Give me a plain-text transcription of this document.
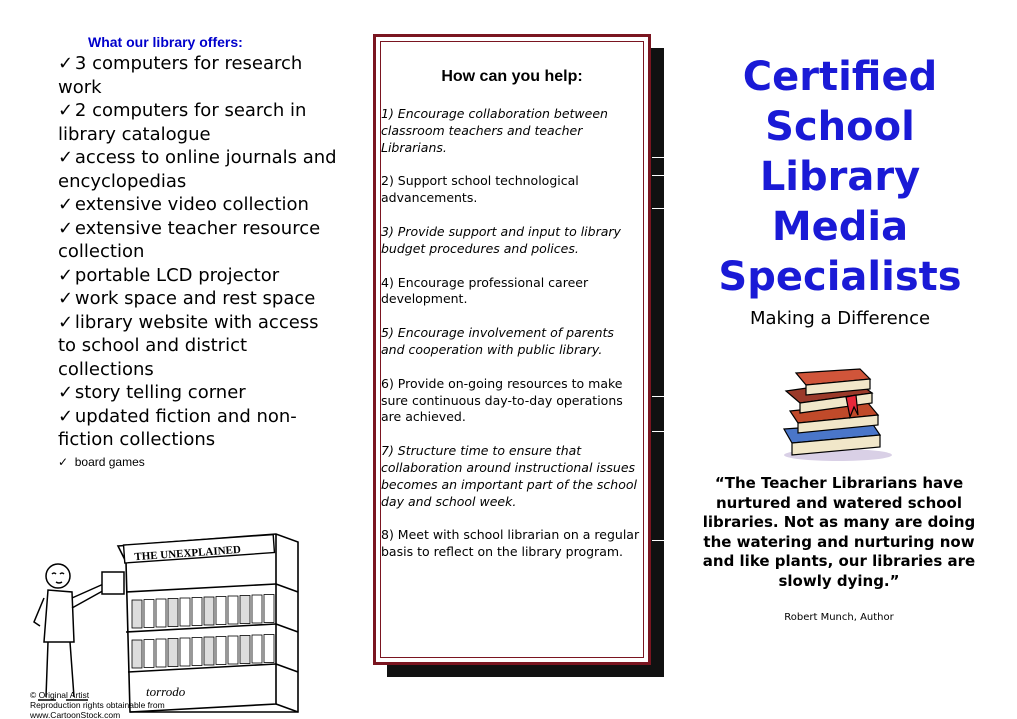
What our library offers:
✓ 3 computers for research work
✓ 2 computers for search in    library catalogue
✓ access to online journals and encyclopedias
✓ extensive video collection
✓ extensive teacher resource collection
✓ portable LCD projector
✓ work space and rest space
✓ library website with access to school and district collections
✓ story telling corner
✓ updated fiction and non-fiction collections
✓ board games
THE UNEXPLAINED
torrodo
© Original Artist
Reproduction rights obtainable from
www.CartoonStock.com
How can you help:
1) Encourage collaboration between classroom teachers and teacher Librarians.
2) Support school technological advancements.
3) Provide support and input to library budget procedures and polices.
4) Encourage professional career development.
5) Encourage involvement of parents and cooperation with public library.
6) Provide on-going resources to make sure continuous day-to-day operations are achieved.
7) Structure time to ensure that collaboration around instructional issues becomes an important part of the school day and school week.
8) Meet with school librarian on a regular basis to reflect on the library program.
Certified
School
Library
Media
Specialists
Making a Difference
“The Teacher Librarians have nurtured and watered school libraries. Not as many are doing the watering and nurturing now and like plants, our libraries are slowly dying.”
Robert Munch, Author
